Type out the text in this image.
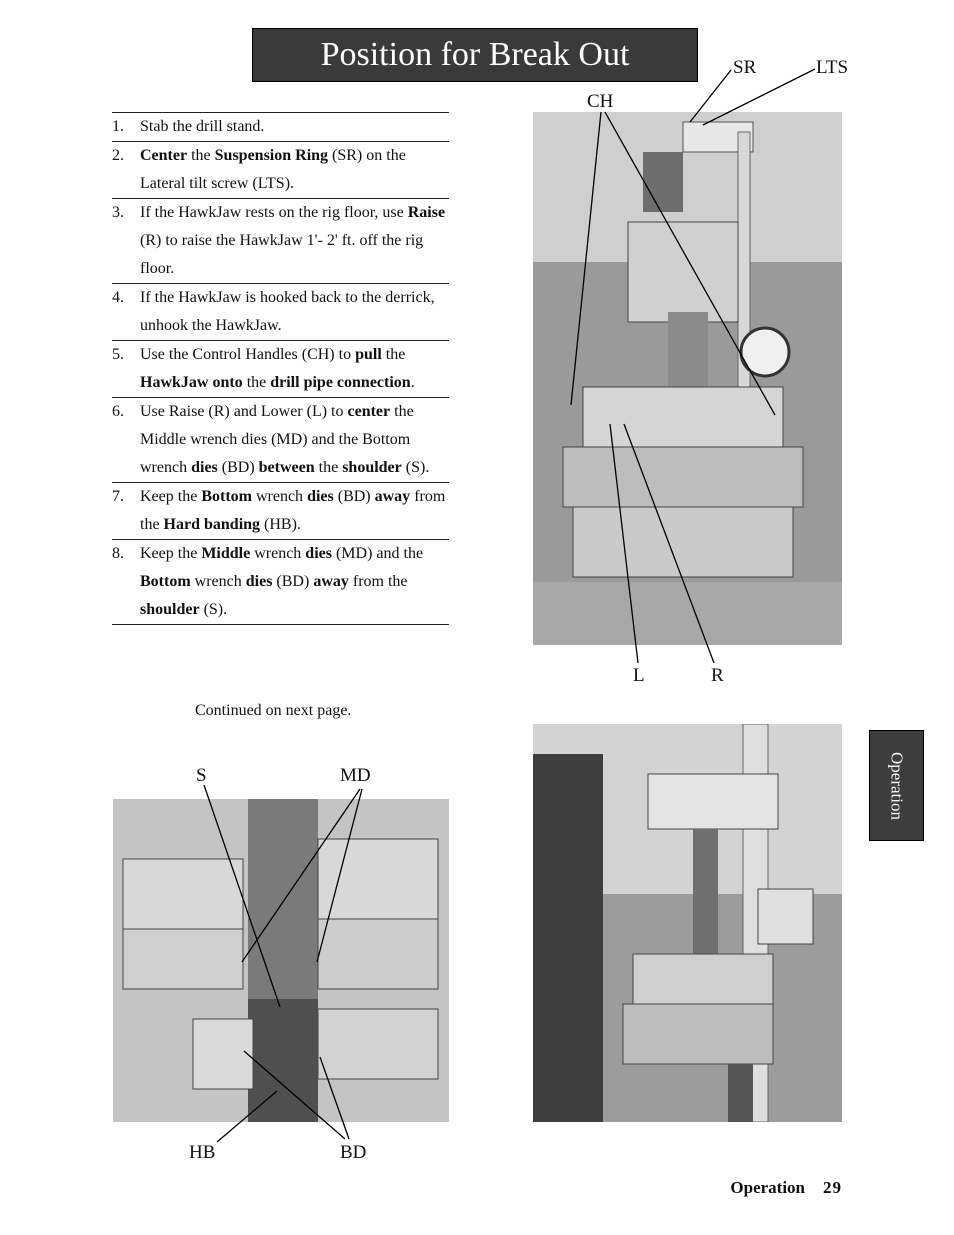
Position for Break Out
1.	Stab the drill stand.
2.	Center the Suspension Ring (SR) on the Lateral tilt screw (LTS).
3.	If the HawkJaw rests on the rig floor, use Raise (R) to raise the HawkJaw 1'- 2' ft. off the rig floor.
4.	If the HawkJaw is hooked back to the derrick, unhook the HawkJaw.
5.	Use the Control Handles (CH) to pull the HawkJaw onto the drill pipe connection.
6.	Use Raise (R) and Lower (L) to center the Middle wrench dies (MD) and the Bottom wrench dies (BD) between the shoulder (S).
7.	Keep the Bottom wrench dies (BD) away from the Hard banding (HB).
8.	Keep the Middle wrench dies (MD) and the Bottom wrench dies (BD) away from the shoulder (S).
Continued on next page.
SR	LTS
CH
L	R
S	MD
HB	BD
Operation
Operation 29
